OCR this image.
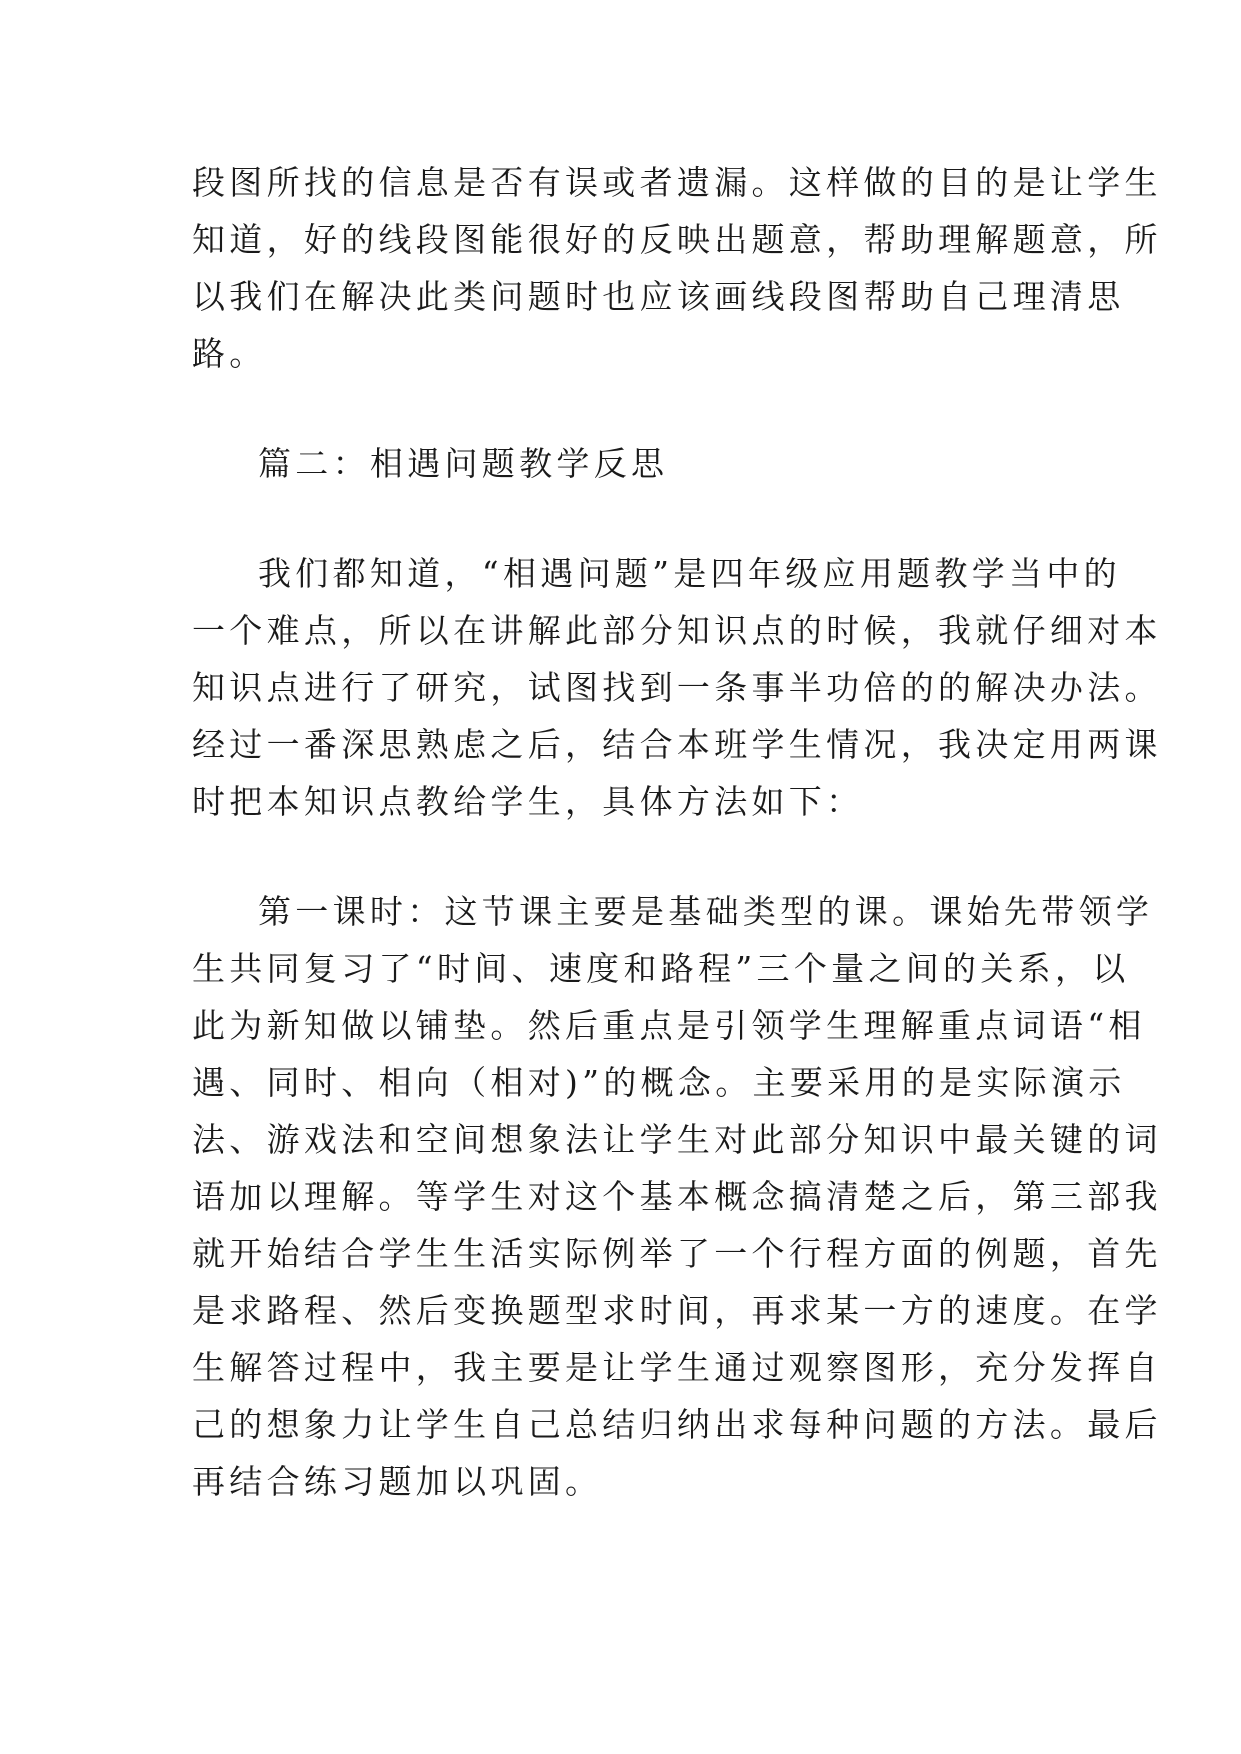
段图所找的信息是否有误或者遗漏。这样做的目的是让学生
知道，好的线段图能很好的反映出题意，帮助理解题意，所
以我们在解决此类问题时也应该画线段图帮助自己理清思
路。
篇二：相遇问题教学反思
我们都知道，“相遇问题”是四年级应用题教学当中的
一个难点，所以在讲解此部分知识点的时候，我就仔细对本
知识点进行了研究，试图找到一条事半功倍的的解决办法。
经过一番深思熟虑之后，结合本班学生情况，我决定用两课
时把本知识点教给学生，具体方法如下：
第一课时：这节课主要是基础类型的课。课始先带领学
生共同复习了“时间、速度和路程”三个量之间的关系，以
此为新知做以铺垫。然后重点是引领学生理解重点词语“相
遇、同时、相向（相对)”的概念。主要采用的是实际演示
法、游戏法和空间想象法让学生对此部分知识中最关键的词
语加以理解。等学生对这个基本概念搞清楚之后，第三部我
就开始结合学生生活实际例举了一个行程方面的例题，首先
是求路程、然后变换题型求时间，再求某一方的速度。在学
生解答过程中，我主要是让学生通过观察图形，充分发挥自
己的想象力让学生自己总结归纳出求每种问题的方法。最后
再结合练习题加以巩固。
